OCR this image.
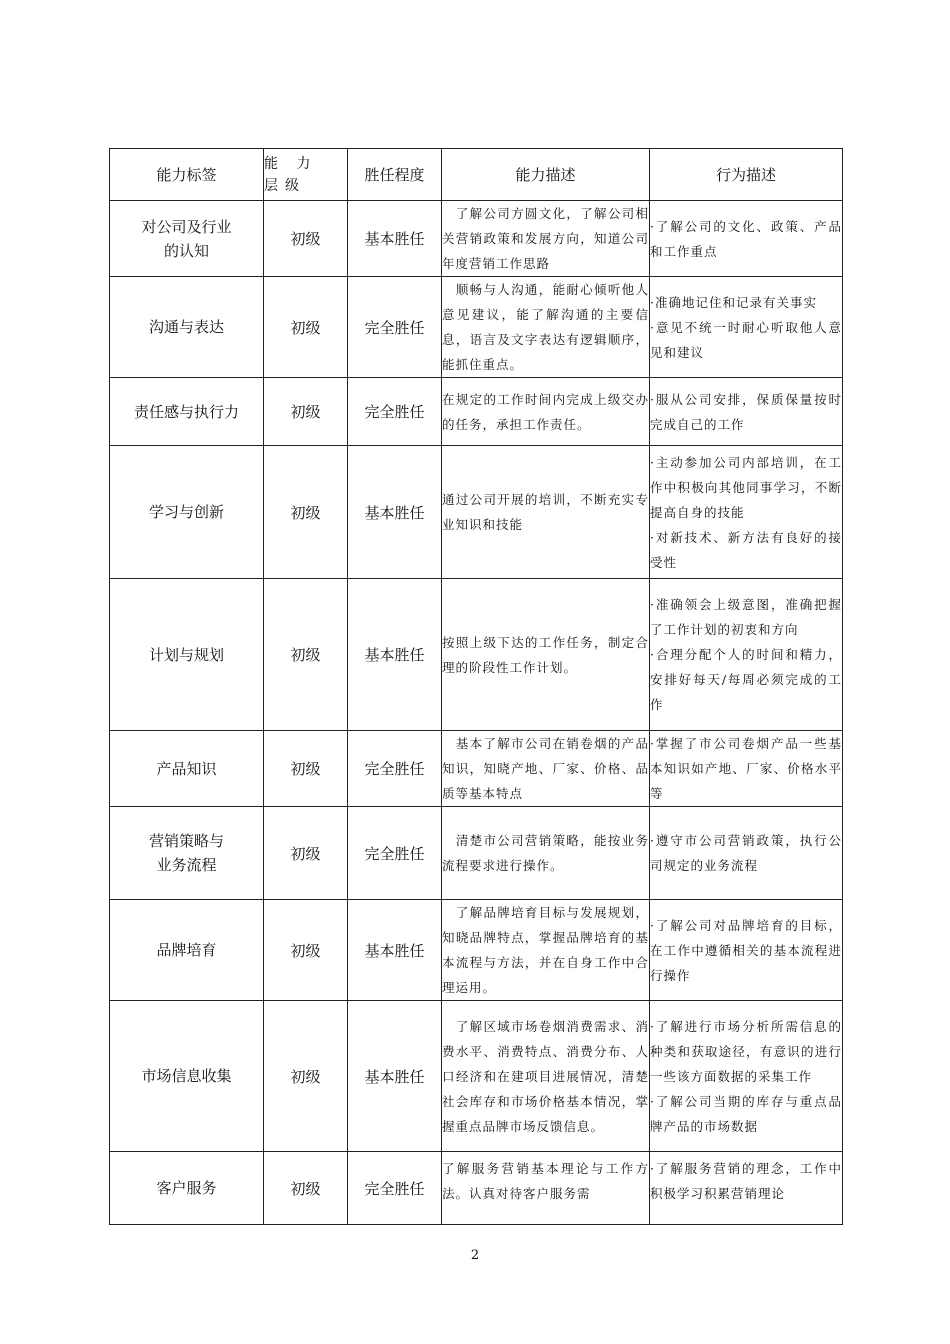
能力标签	能 力 层级	胜任程度	能力描述	行为描述
对公司及行业
的认知	初级	基本胜任	　了解公司方圆文化，了解公司相关营销政策和发展方向，知道公司年度营销工作思路	·了解公司的文化、政策、产品和工作重点

沟通与表达	初级	完全胜任	　顺畅与人沟通，能耐心倾听他人意见建议，能了解沟通的主要信息，语言及文字表达有逻辑顺序，能抓住重点。	·准确地记住和记录有关事实
·意见不统一时耐心听取他人意见和建议

责任感与执行力	初级	完全胜任	在规定的工作时间内完成上级交办的任务，承担工作责任。	·服从公司安排，保质保量按时完成自己的工作

学习与创新	初级	基本胜任	通过公司开展的培训，不断充实专业知识和技能	·主动参加公司内部培训，在工作中积极向其他同事学习，不断提高自身的技能
·对新技术、新方法有良好的接受性

计划与规划	初级	基本胜任	按照上级下达的工作任务，制定合理的阶段性工作计划。	·准确领会上级意图，准确把握了工作计划的初衷和方向
·合理分配个人的时间和精力，安排好每天/每周必须完成的工作

产品知识	初级	完全胜任	　基本了解市公司在销卷烟的产品知识，知晓产地、厂家、价格、品质等基本特点	·掌握了市公司卷烟产品一些基本知识如产地、厂家、价格水平等

营销策略与
业务流程	初级	完全胜任	　清楚市公司营销策略，能按业务流程要求进行操作。	·遵守市公司营销政策，执行公司规定的业务流程

品牌培育	初级	基本胜任	　了解品牌培育目标与发展规划，知晓品牌特点，掌握品牌培育的基本流程与方法，并在自身工作中合理运用。	·了解公司对品牌培育的目标，在工作中遵循相关的基本流程进行操作

市场信息收集	初级	基本胜任	　了解区域市场卷烟消费需求、消费水平、消费特点、消费分布、人口经济和在建项目进展情况，清楚社会库存和市场价格基本情况，掌握重点品牌市场反馈信息。	·了解进行市场分析所需信息的种类和获取途径，有意识的进行一些该方面数据的采集工作
·了解公司当期的库存与重点品牌产品的市场数据

客户服务	初级	完全胜任	了解服务营销基本理论与工作方法。认真对待客户服务需	·了解服务营销的理念，工作中积极学习积累营销理论
2
